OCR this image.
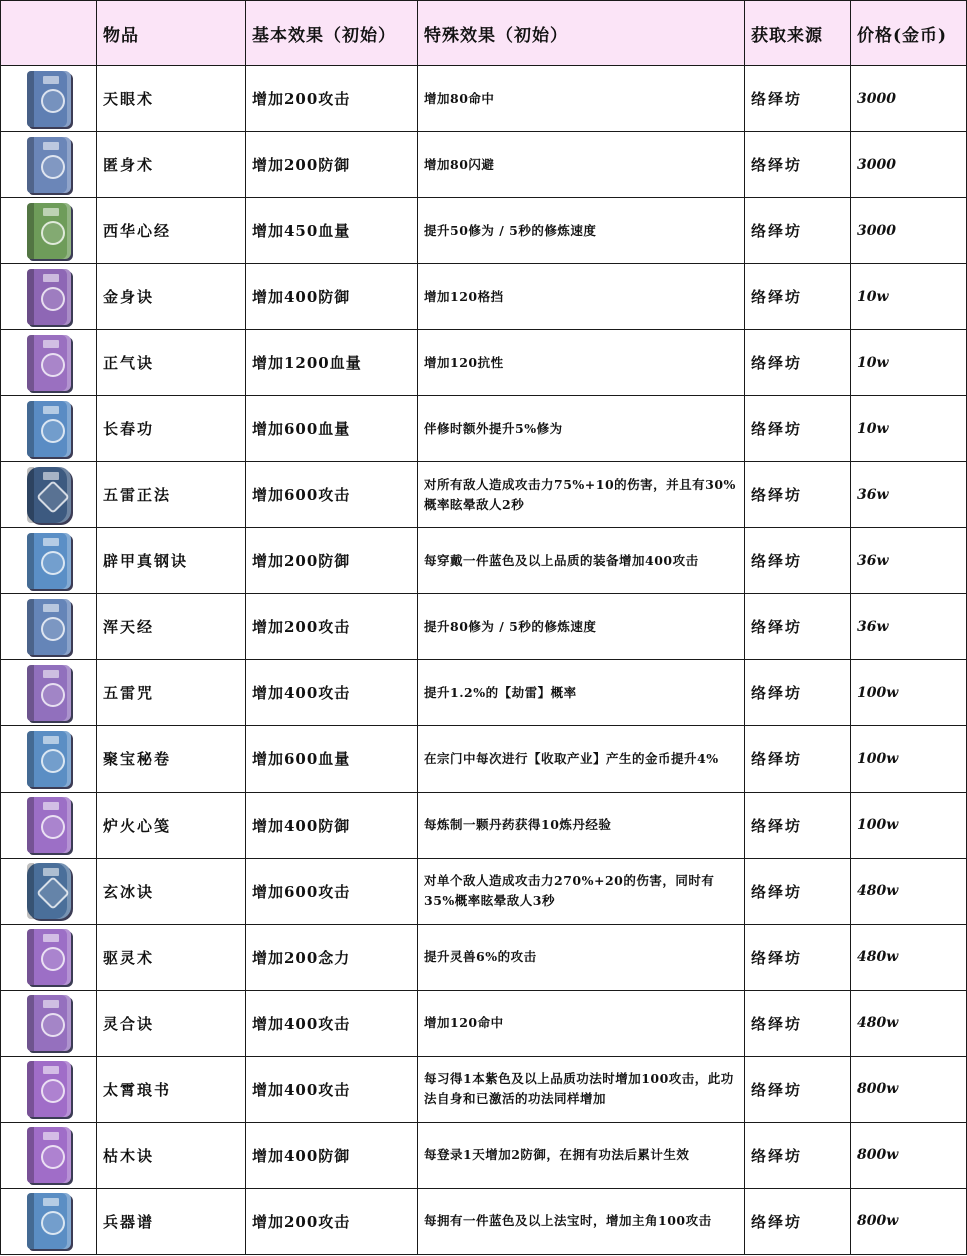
	物品	基本效果（初始）	特殊效果（初始）	获取来源	价格(金币)

	天眼术	增加200攻击	增加80命中	络绎坊	3000

	匿身术	增加200防御	增加80闪避	络绎坊	3000

	西华心经	增加450血量	提升50修为 / 5秒的修炼速度	络绎坊	3000

	金身诀	增加400防御	增加120格挡	络绎坊	10w

	正气诀	增加1200血量	增加120抗性	络绎坊	10w

	长春功	增加600血量	伴修时额外提升5%修为	络绎坊	10w

	五雷正法	增加600攻击	对所有敌人造成攻击力75%+10的伤害，并且有30%概率眩晕敌人2秒	络绎坊	36w

	辟甲真钢诀	增加200防御	每穿戴一件蓝色及以上品质的装备增加400攻击	络绎坊	36w

	浑天经	增加200攻击	提升80修为 / 5秒的修炼速度	络绎坊	36w

	五雷咒	增加400攻击	提升1.2%的【劫雷】概率	络绎坊	100w

	聚宝秘卷	增加600血量	在宗门中每次进行【收取产业】产生的金币提升4%	络绎坊	100w

	炉火心笺	增加400防御	每炼制一颗丹药获得10炼丹经验	络绎坊	100w

	玄冰诀	增加600攻击	对单个敌人造成攻击力270%+20的伤害，同时有35%概率眩晕敌人3秒	络绎坊	480w

	驱灵术	增加200念力	提升灵兽6%的攻击	络绎坊	480w

	灵合诀	增加400攻击	增加120命中	络绎坊	480w

	太霄琅书	增加400攻击	每习得1本紫色及以上品质功法时增加100攻击，此功法自身和已激活的功法同样增加	络绎坊	800w

	枯木诀	增加400防御	每登录1天增加2防御，在拥有功法后累计生效	络绎坊	800w

	兵器谱	增加200攻击	每拥有一件蓝色及以上法宝时，增加主角100攻击	络绎坊	800w
